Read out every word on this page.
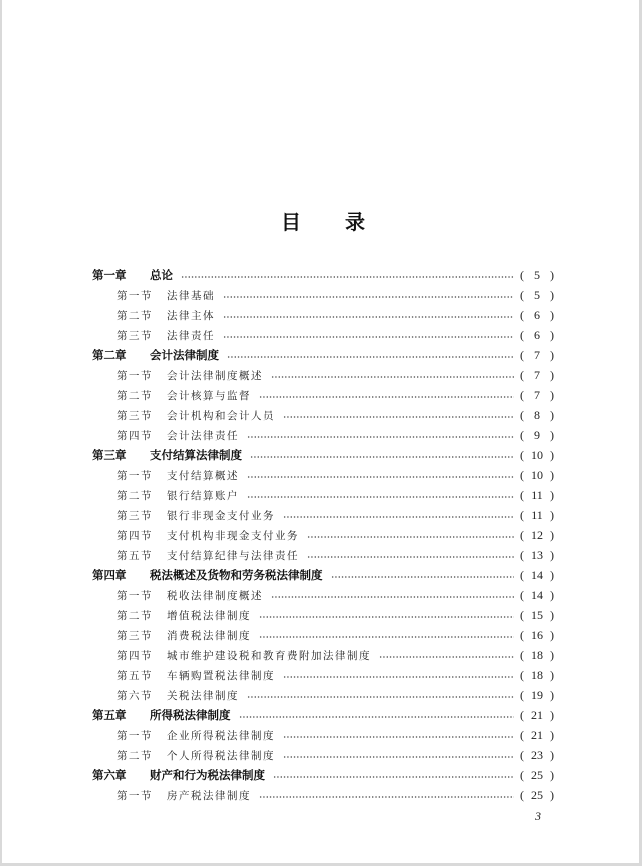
目 录
第一章 总论	( 5 )
第一节 法律基础	( 5 )
第二节 法律主体	( 6 )
第三节 法律责任	( 6 )
第二章 会计法律制度	( 7 )
第一节 会计法律制度概述	( 7 )
第二节 会计核算与监督	( 7 )
第三节 会计机构和会计人员	( 8 )
第四节 会计法律责任	( 9 )
第三章 支付结算法律制度	( 10 )
第一节 支付结算概述	( 10 )
第二节 银行结算账户	( 11 )
第三节 银行非现金支付业务	( 11 )
第四节 支付机构非现金支付业务	( 12 )
第五节 支付结算纪律与法律责任	( 13 )
第四章 税法概述及货物和劳务税法律制度	( 14 )
第一节 税收法律制度概述	( 14 )
第二节 增值税法律制度	( 15 )
第三节 消费税法律制度	( 16 )
第四节 城市维护建设税和教育费附加法律制度	( 18 )
第五节 车辆购置税法律制度	( 18 )
第六节 关税法律制度	( 19 )
第五章 所得税法律制度	( 21 )
第一节 企业所得税法律制度	( 21 )
第二节 个人所得税法律制度	( 23 )
第六章 财产和行为税法律制度	( 25 )
第一节 房产税法律制度	( 25 )
3
